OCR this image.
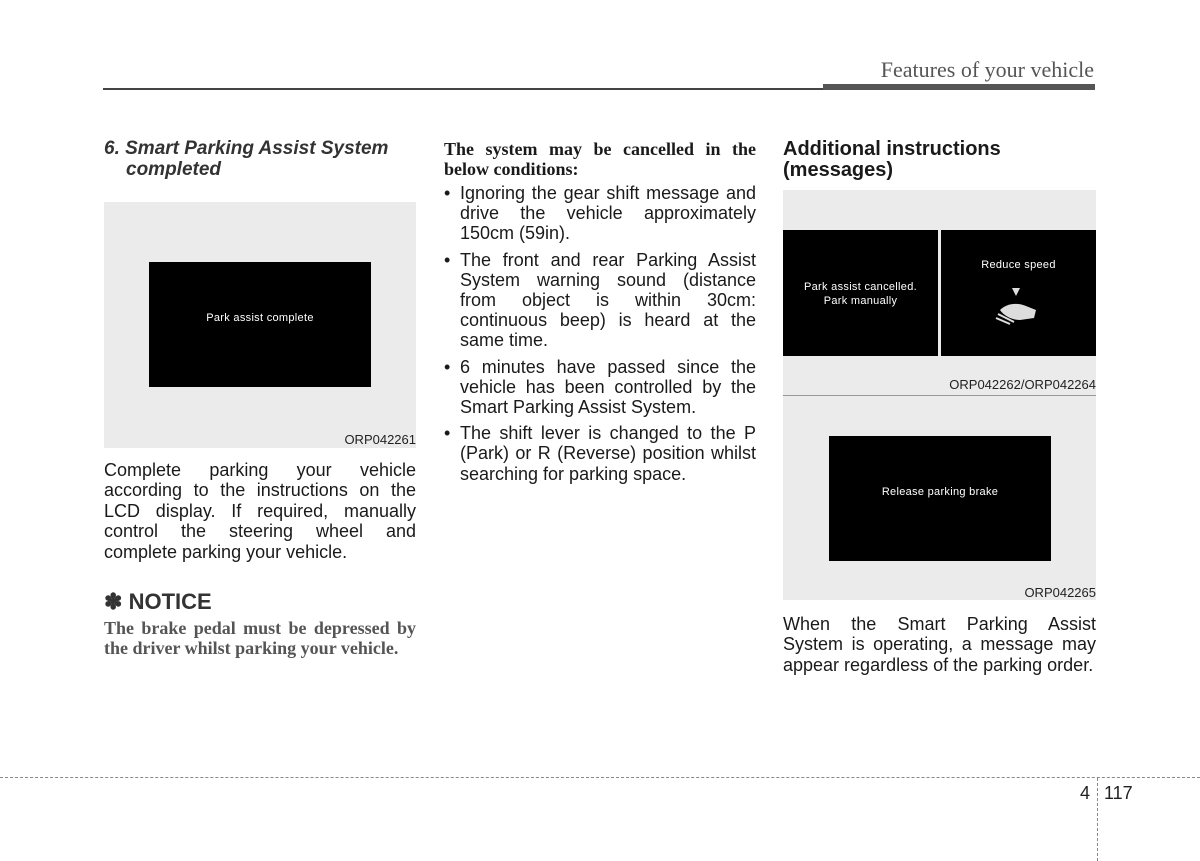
Features of your vehicle
6. Smart Parking Assist System
completed
Park assist complete
ORP042261
Complete parking your vehicle according to the instructions on the LCD display. If required, manually control the steering wheel and complete parking your vehicle.
✽ NOTICE
The brake pedal must be depressed by the driver whilst parking your vehicle.
The system may be cancelled in the below conditions:
• Ignoring the gear shift message and drive the vehicle approximately 150cm (59in).
• The front and rear Parking Assist System warning sound (distance from object is within 30cm: continuous beep) is heard at the same time.
• 6 minutes have passed since the vehicle has been controlled by the Smart Parking Assist System.
• The shift lever is changed to the P (Park) or R (Reverse) position whilst searching for parking space.
Additional instructions (messages)
Park assist cancelled.
Park manually
Reduce speed
ORP042262/ORP042264
Release parking brake
ORP042265
When the Smart Parking Assist System is operating, a message may appear regardless of the parking order.
4 117
